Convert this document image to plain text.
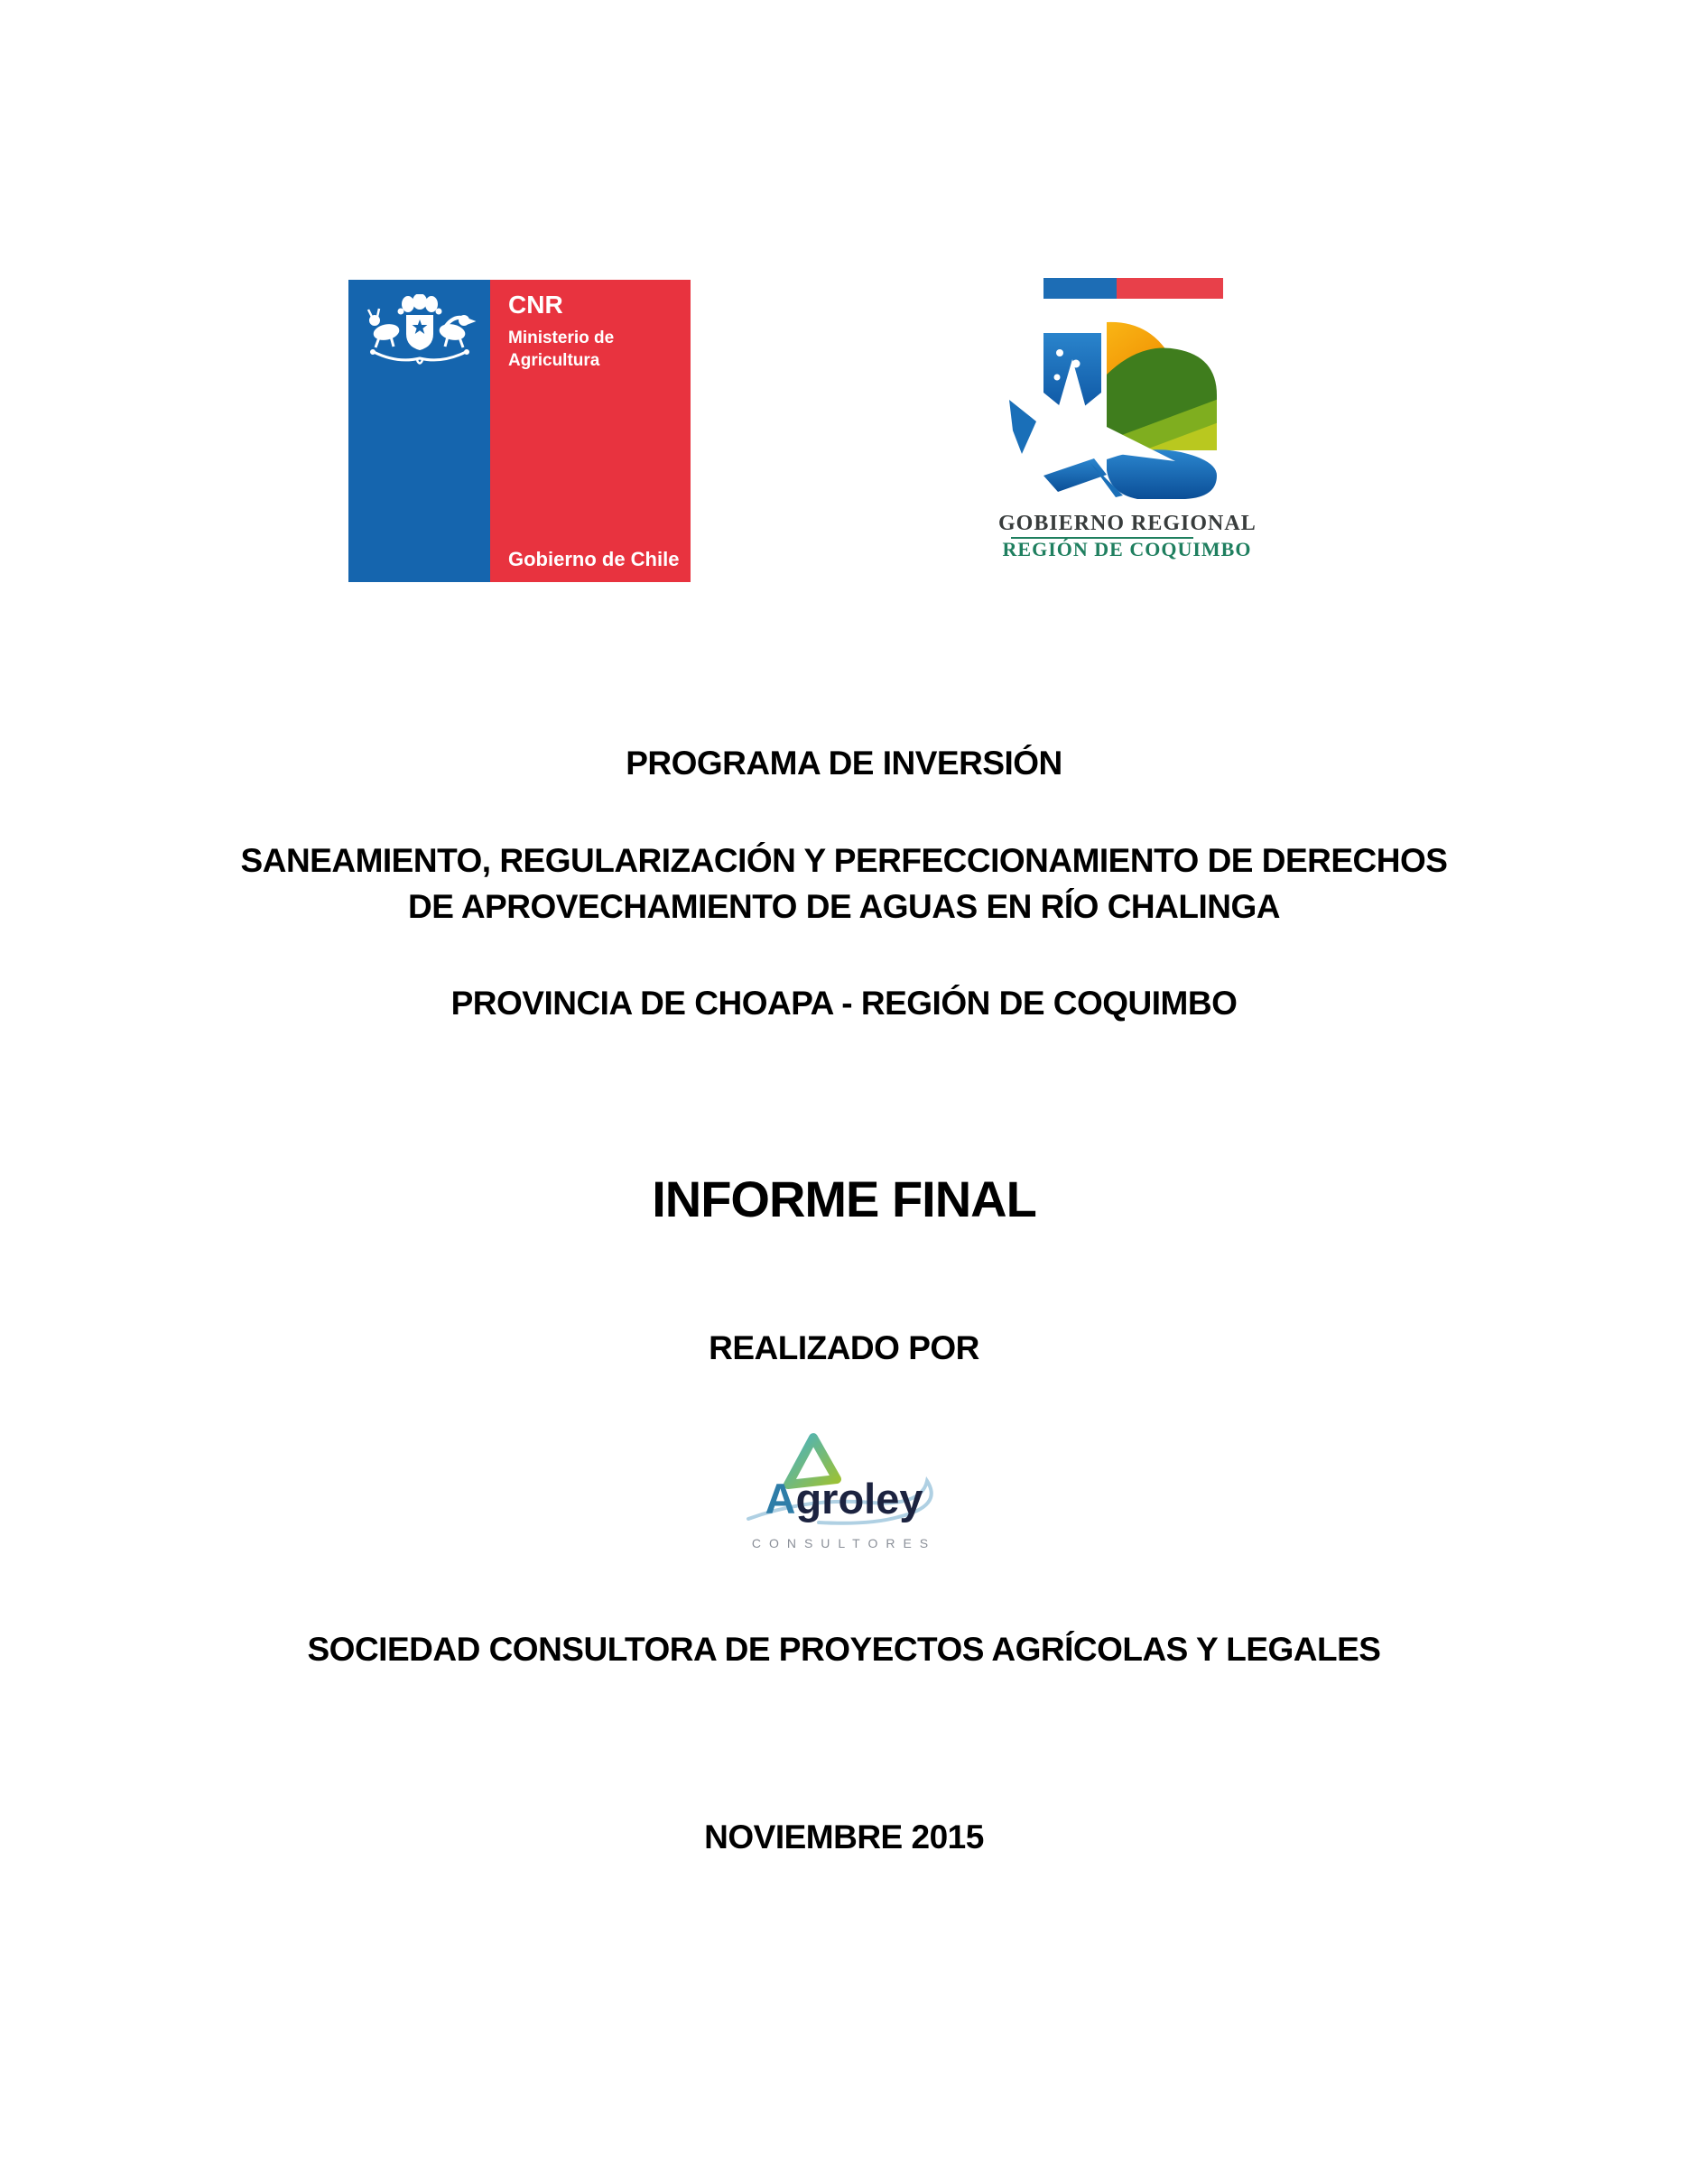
CNR
Ministerio de
Agricultura
Gobierno de Chile
GOBIERNO REGIONAL
REGIÓN DE COQUIMBO
PROGRAMA DE INVERSIÓN
SANEAMIENTO, REGULARIZACIÓN Y PERFECCIONAMIENTO DE DERECHOS
DE APROVECHAMIENTO DE AGUAS EN RÍO CHALINGA
PROVINCIA DE CHOAPA - REGIÓN DE COQUIMBO
INFORME FINAL
REALIZADO POR
Agroley
CONSULTORES
SOCIEDAD CONSULTORA DE PROYECTOS AGRÍCOLAS Y LEGALES
NOVIEMBRE 2015
